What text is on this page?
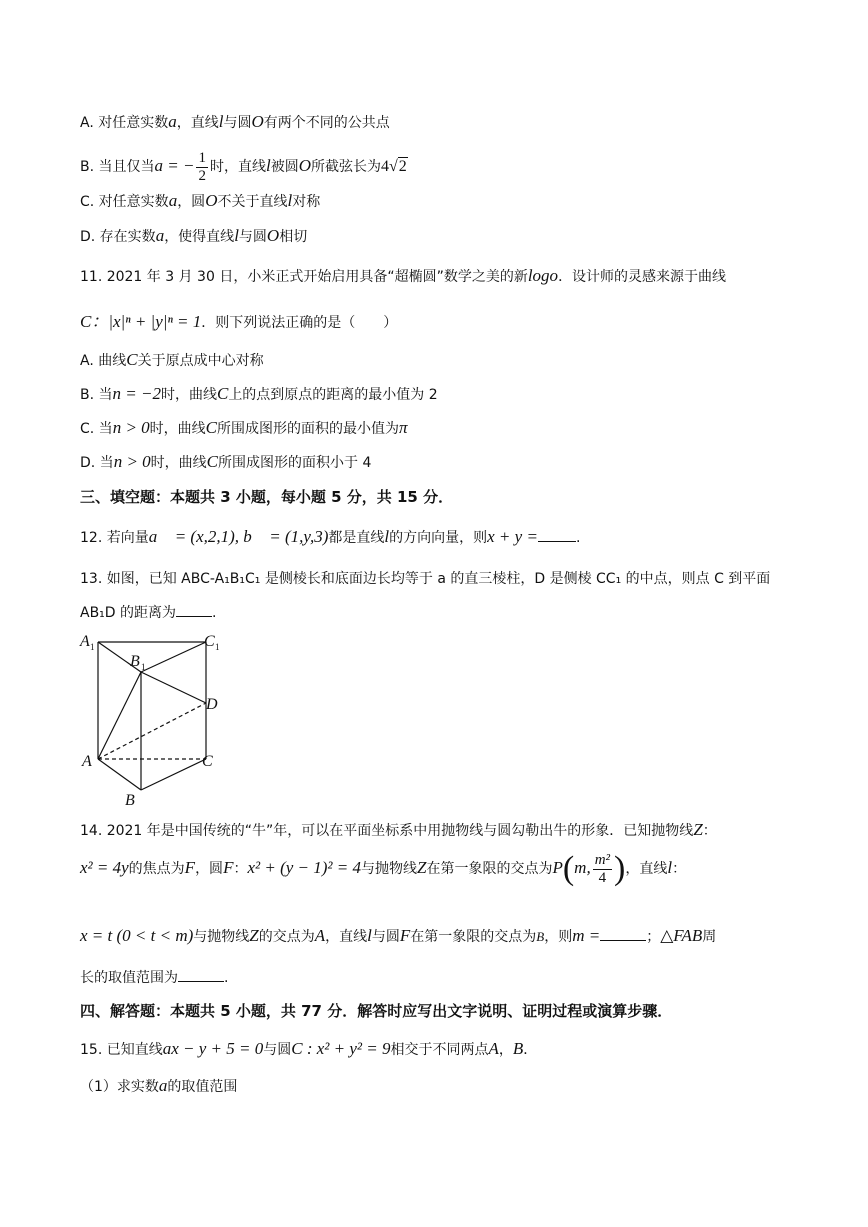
A. 对任意实数a，直线l与圆O有两个不同的公共点
B. 当且仅当a = − $\frac{1}{2}$ 时，直线l被圆O所截弦长为4√2
C. 对任意实数a，圆O不关于直线l对称
D. 存在实数a，使得直线l与圆O相切
11. 2021 年 3 月 30 日，小米正式开始启用具备“超椭圆”数学之美的新logo．设计师的灵感来源于曲线
C：|x|ⁿ + |y|ⁿ = 1．则下列说法正确的是（　　）
A. 曲线C关于原点成中心对称
B. 当n = −2时，曲线C上的点到原点的距离的最小值为 2
C. 当n > 0时，曲线C所围成图形的面积的最小值为π
D. 当n > 0时，曲线C所围成图形的面积小于 4
三、填空题：本题共 3 小题，每小题 5 分，共 15 分．
12. 若向量a⃗ = (x,2,1), b⃗ = (1,y,3)都是直线l的方向向量，则x + y =	.
13. 如图，已知 ABC-A₁B₁C₁ 是侧棱长和底面边长均等于 a 的直三棱柱，D 是侧棱 CC₁ 的中点，则点 C 到平面
AB₁D 的距离为	.
A 1	C 1
B 1
D
A	C
B
14. 2021 年是中国传统的“牛”年，可以在平面坐标系中用抛物线与圆勾勒出牛的形象．已知抛物线Z：
x² = 4y的焦点为F，圆F：x² + (y − 1)² = 4与抛物线Z在第一象限的交点为P(m, $\frac{\text{m²}}{4}$ )，直线l：
x = t (0 < t < m)与抛物线Z的交点为A，直线l与圆F在第一象限的交点为B，则m =	；△FAB周
长的取值范围为	.
四、解答题：本题共 5 小题，共 77 分．解答时应写出文字说明、证明过程或演算步骤．
15. 已知直线ax − y + 5 = 0与圆C : x² + y² = 9相交于不同两点A，B．
（1）求实数a的取值范围
